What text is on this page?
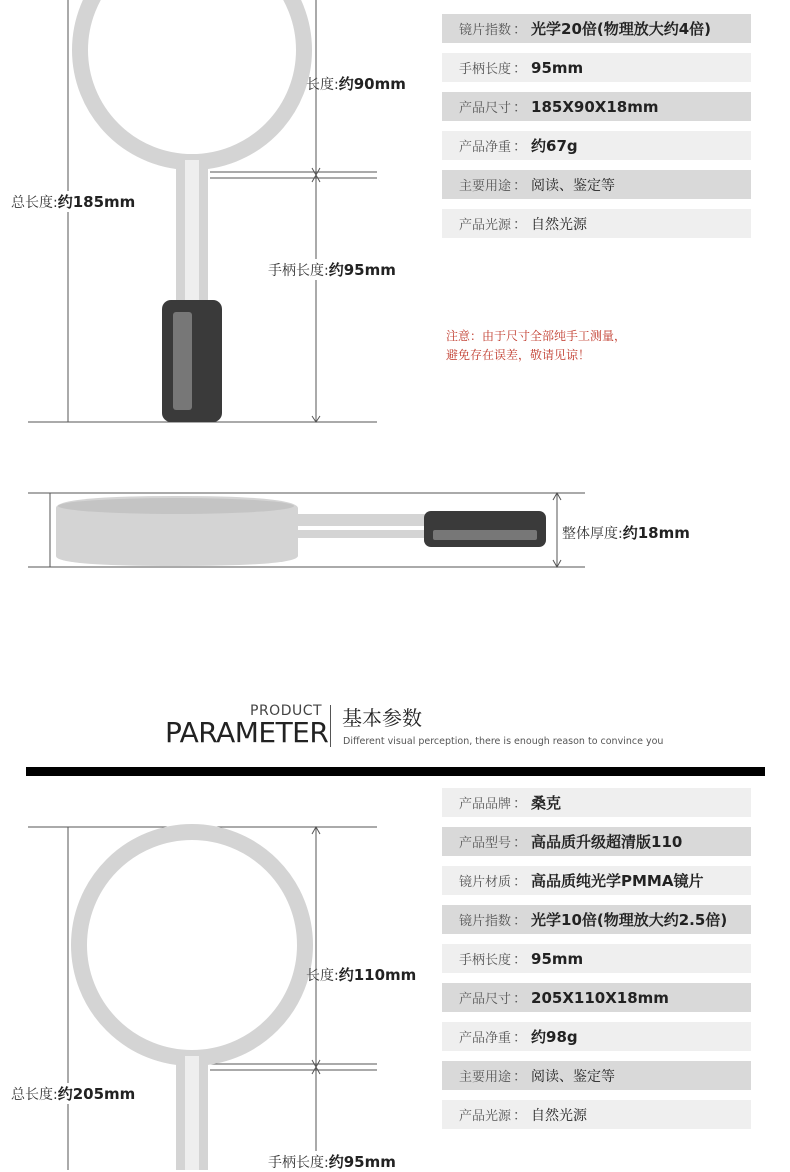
长度:约90mm
总长度:约185mm
手柄长度:约95mm
整体厚度:约18mm
镜片指数 ： 光学20倍(物理放大约4倍)
手柄长度 ： 95mm
产品尺寸 ： 185X90X18mm
产品净重 ： 约67g
主要用途 ： 阅读、鉴定等
产品光源 ： 自然光源
注意：由于尺寸全部纯手工测量，
避免存在误差，敬请见谅！
PRODUCT
PARAMETER 基本参数
Different visual perception, there is enough reason to convince you
长度:约110mm
总长度:约205mm
手柄长度:约95mm
产品品牌 ： 桑克
产品型号 ： 高品质升级超清版110
镜片材质 ： 高品质纯光学PMMA镜片
镜片指数 ： 光学10倍(物理放大约2.5倍)
手柄长度 ： 95mm
产品尺寸 ： 205X110X18mm
产品净重 ： 约98g
主要用途 ： 阅读、鉴定等
产品光源 ： 自然光源
